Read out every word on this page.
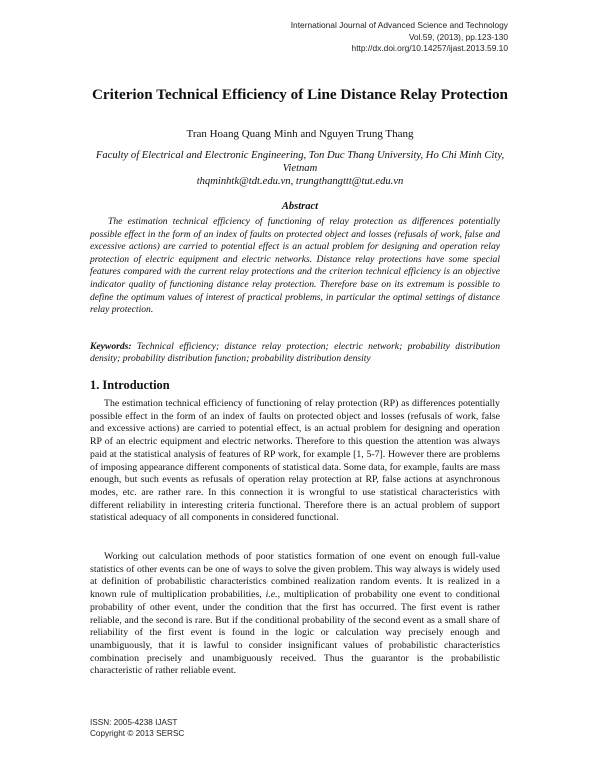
International Journal of Advanced Science and Technology
Vol.59, (2013), pp.123-130
http://dx.doi.org/10.14257/ijast.2013.59.10
Criterion Technical Efficiency of Line Distance Relay Protection
Tran Hoang Quang Minh and Nguyen Trung Thang
Faculty of Electrical and Electronic Engineering, Ton Duc Thang University, Ho Chi Minh City, Vietnam
thqminhtk@tdt.edu.vn, trungthangttt@tut.edu.vn
Abstract

The estimation technical efficiency of functioning of relay protection as differences potentially possible effect in the form of an index of faults on protected object and losses (refusals of work, false and excessive actions) are carried to potential effect is an actual problem for designing and operation relay protection of electric equipment and electric networks. Distance relay protections have some special features compared with the current relay protections and the criterion technical efficiency is an objective indicator quality of functioning distance relay protection. Therefore base on its extremum is possible to define the optimum values of interest of practical problems, in particular the optimal settings of distance relay protection.

Keywords: Technical efficiency; distance relay protection; electric network; probability distribution density; probability distribution function; probability distribution density

1. Introduction

The estimation technical efficiency of functioning of relay protection (RP) as differences potentially possible effect in the form of an index of faults on protected object and losses (refusals of work, false and excessive actions) are carried to potential effect, is an actual problem for designing and operation RP of an electric equipment and electric networks. Therefore to this question the attention was always paid at the statistical analysis of features of RP work, for example [1, 5-7]. However there are problems of imposing appearance different components of statistical data. Some data, for example, faults are mass enough, but such events as refusals of operation relay protection at RP, false actions at asynchronous modes, etc. are rather rare. In this connection it is wrongful to use statistical characteristics with different reliability in interesting criteria functional. Therefore there is an actual problem of support statistical adequacy of all components in considered functional.

Working out calculation methods of poor statistics formation of one event on enough full-value statistics of other events can be one of ways to solve the given problem. This way always is widely used at definition of probabilistic characteristics combined realization random events. It is realized in a known rule of multiplication probabilities, i.e., multiplication of probability one event to conditional probability of other event, under the condition that the first has occurred. The first event is rather reliable, and the second is rare. But if the conditional probability of the second event as a small share of reliability of the first event is found in the logic or calculation way precisely enough and unambiguously, that it is lawful to consider insignificant values of probabilistic characteristics combination precisely and unambiguously received. Thus the guarantor is the probabilistic characteristic of rather reliable event.

ISSN: 2005-4238 IJAST
Copyright © 2013 SERSC
